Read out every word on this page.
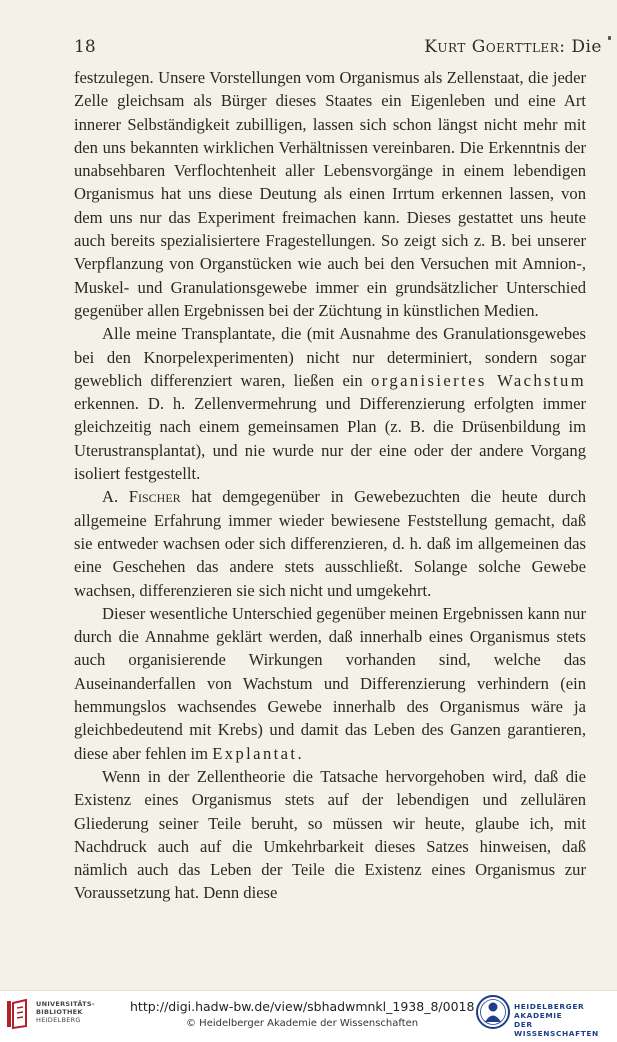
18	Kurt Goerttler: Die

festzulegen. Unsere Vorstellungen vom Organismus als Zellenstaat, die jeder Zelle gleichsam als Bürger dieses Staates ein Eigenleben und eine Art innerer Selbständigkeit zubilligen, lassen sich schon längst nicht mehr mit den uns bekannten wirklichen Verhältnissen vereinbaren. Die Erkenntnis der unabsehbaren Verflochtenheit aller Lebensvorgänge in einem lebendigen Organismus hat uns diese Deutung als einen Irrtum erkennen lassen, von dem uns nur das Experiment freimachen kann. Dieses gestattet uns heute auch bereits spezialisiertere Fragestellungen. So zeigt sich z. B. bei unserer Verpflanzung von Organstücken wie auch bei den Versuchen mit Amnion-, Muskel- und Granulationsgewebe immer ein grundsätzlicher Unterschied gegenüber allen Ergebnissen bei der Züchtung in künstlichen Medien.

Alle meine Transplantate, die (mit Ausnahme des Granulationsgewebes bei den Knorpelexperimenten) nicht nur determiniert, sondern sogar geweblich differenziert waren, ließen ein organisiertes Wachstum erkennen. D. h. Zellenvermehrung und Differenzierung erfolgten immer gleichzeitig nach einem gemeinsamen Plan (z. B. die Drüsenbildung im Uterustransplantat), und nie wurde nur der eine oder der andere Vorgang isoliert festgestellt.

A. Fischer hat demgegenüber in Gewebezuchten die heute durch allgemeine Erfahrung immer wieder bewiesene Feststellung gemacht, daß sie entweder wachsen oder sich differenzieren, d. h. daß im allgemeinen das eine Geschehen das andere stets ausschließt. Solange solche Gewebe wachsen, differenzieren sie sich nicht und umgekehrt.

Dieser wesentliche Unterschied gegenüber meinen Ergebnissen kann nur durch die Annahme geklärt werden, daß innerhalb eines Organismus stets auch organisierende Wirkungen vorhanden sind, welche das Auseinanderfallen von Wachstum und Differenzierung verhindern (ein hemmungslos wachsendes Gewebe innerhalb des Organismus wäre ja gleichbedeutend mit Krebs) und damit das Leben des Ganzen garantieren, diese aber fehlen im Explantat.

Wenn in der Zellentheorie die Tatsache hervorgehoben wird, daß die Existenz eines Organismus stets auf der lebendigen und zellulären Gliederung seiner Teile beruht, so müssen wir heute, glaube ich, mit Nachdruck auch auf die Umkehrbarkeit dieses Satzes hinweisen, daß nämlich auch das Leben der Teile die Existenz eines Organismus zur Voraussetzung hat. Denn diese

UNIVERSITÄTS-
BIBLIOTHEK
HEIDELBERG
http://digi.hadw-bw.de/view/sbhadwmnkl_1938_8/0018
© Heidelberger Akademie der Wissenschaften
HEIDELBERGER AKADEMIE
DER WISSENSCHAFTEN
